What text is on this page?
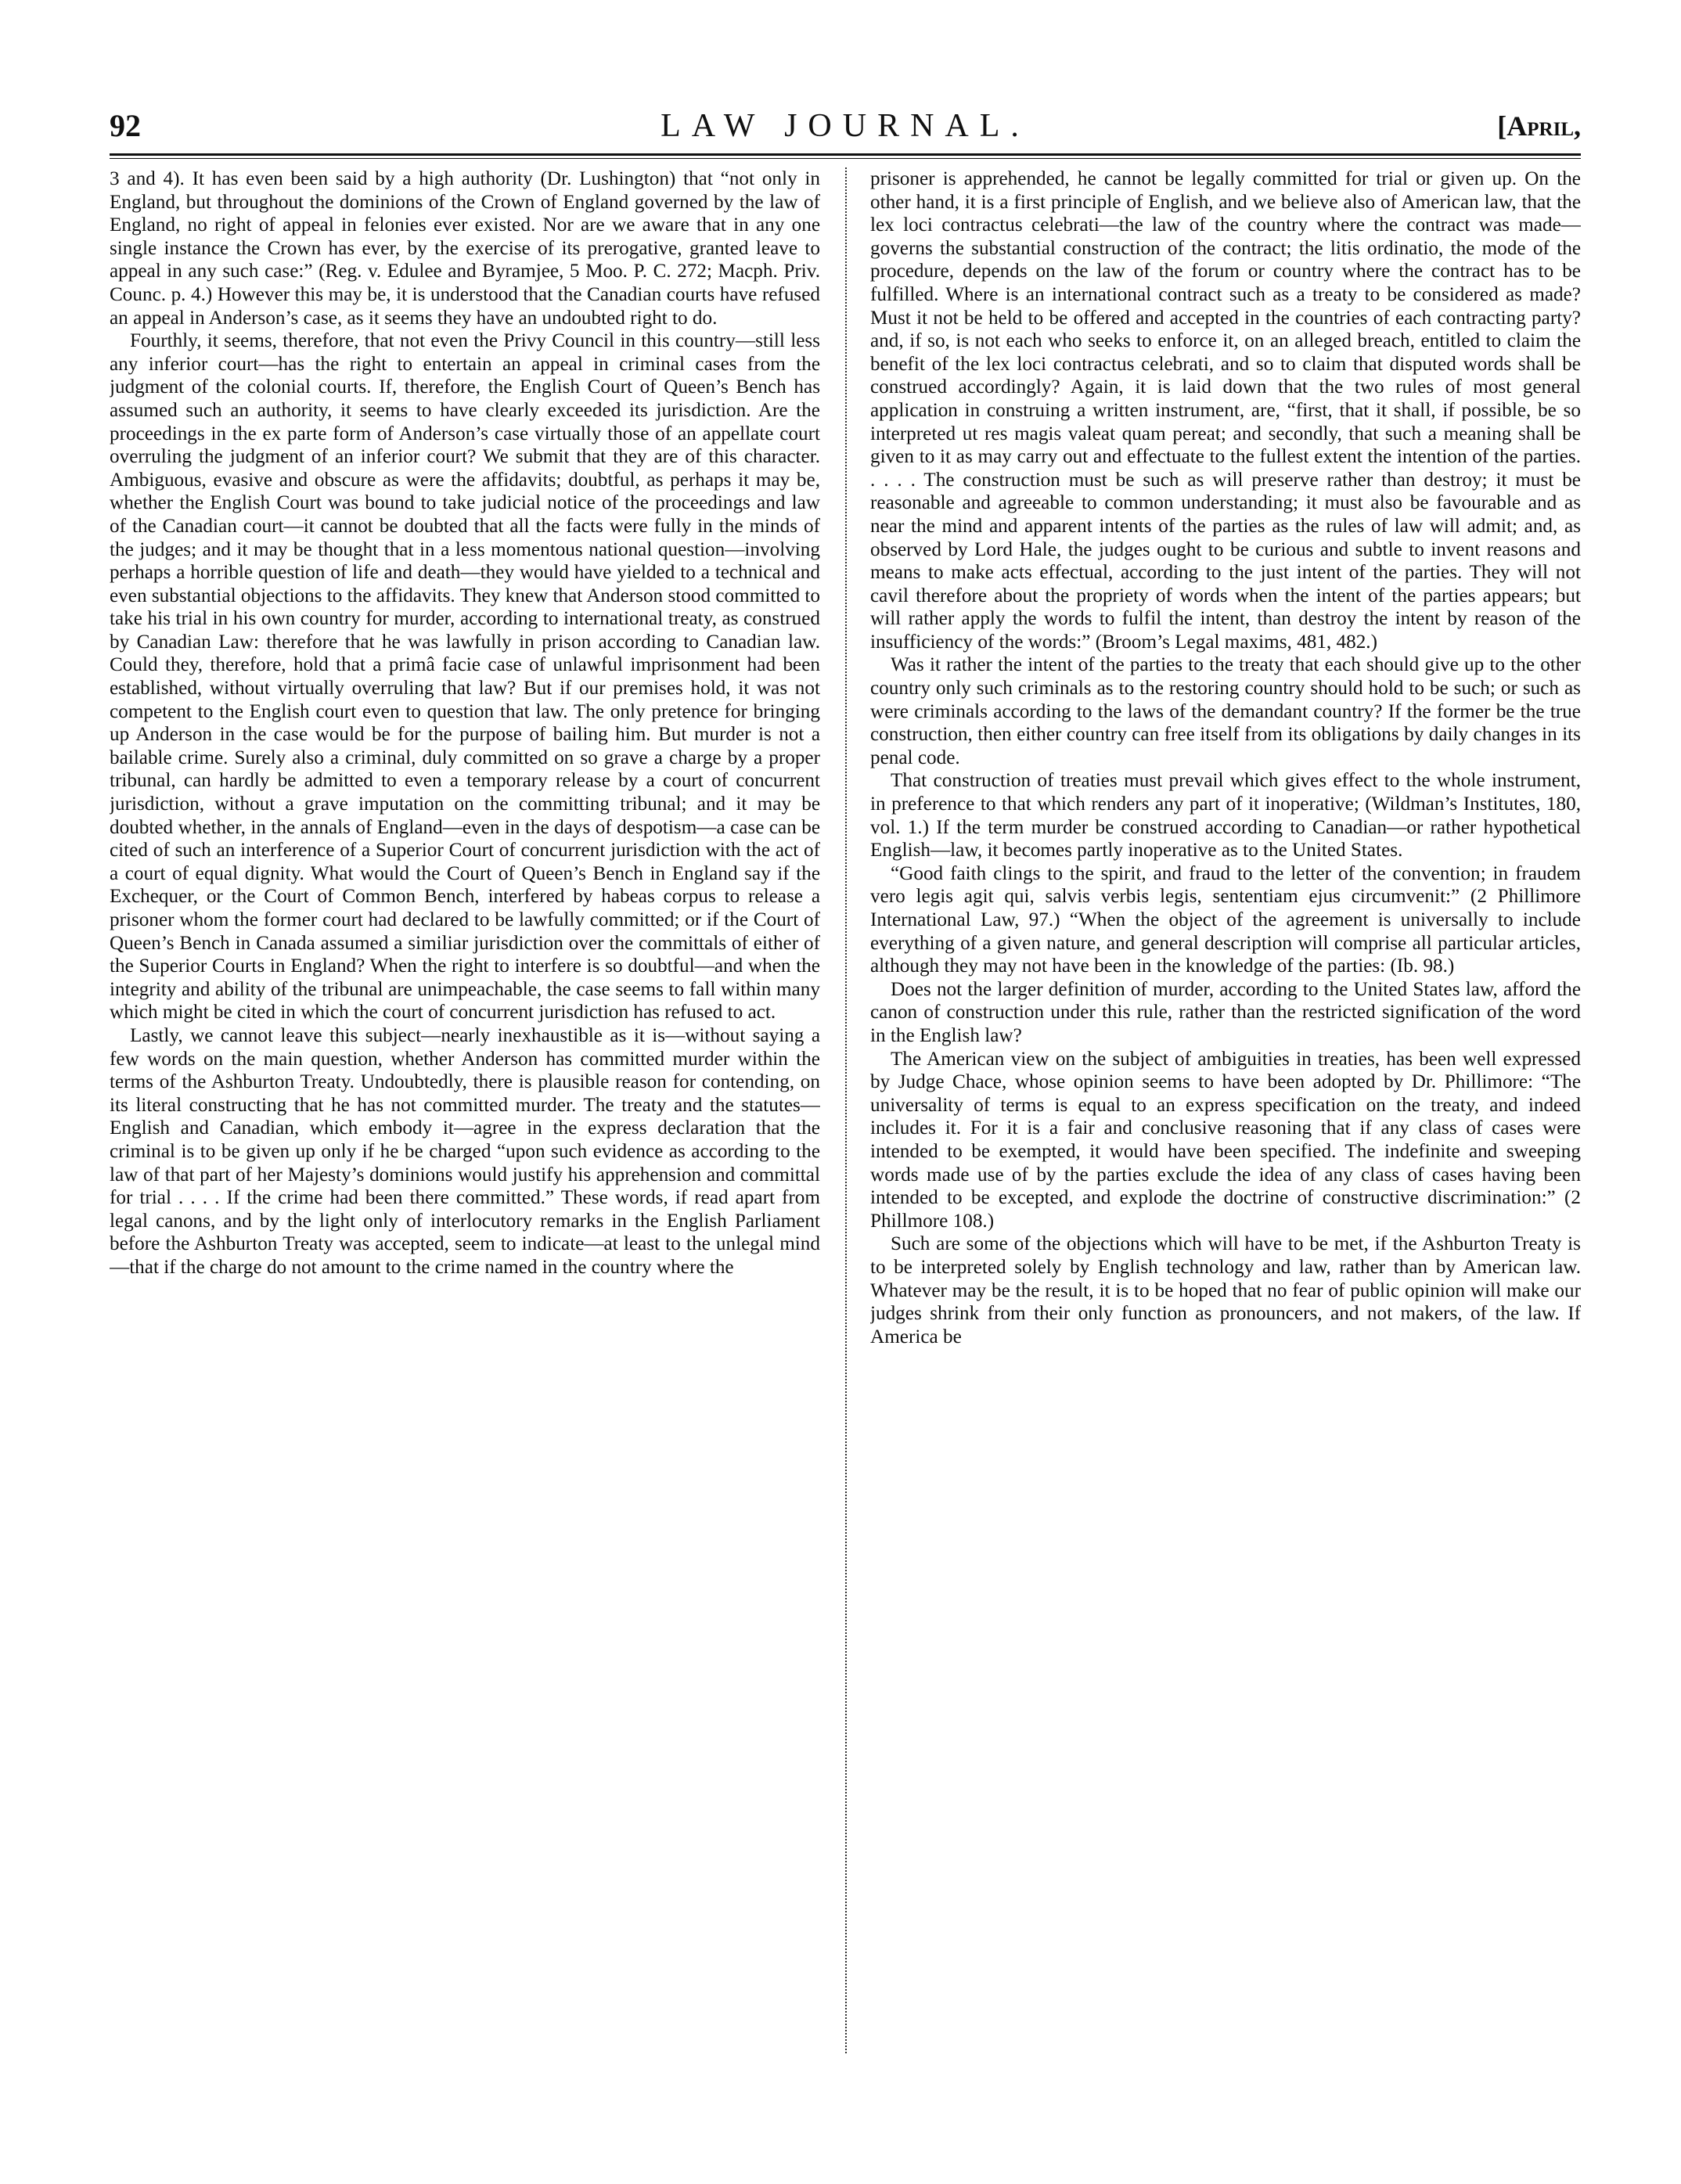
92	LAW JOURNAL.	[April,

3 and 4). It has even been said by a high authority (Dr. Lushington) that “not only in England, but throughout the dominions of the Crown of England governed by the law of England, no right of appeal in felonies ever existed. Nor are we aware that in any one single instance the Crown has ever, by the exercise of its prerogative, granted leave to appeal in any such case:” (Reg. v. Edulee and Byramjee, 5 Moo. P. C. 272; Macph. Priv. Counc. p. 4.) However this may be, it is understood that the Canadian courts have refused an appeal in Anderson’s case, as it seems they have an undoubted right to do.

Fourthly, it seems, therefore, that not even the Privy Council in this country—still less any inferior court—has the right to entertain an appeal in criminal cases from the judgment of the colonial courts. If, therefore, the English Court of Queen’s Bench has assumed such an authority, it seems to have clearly exceeded its jurisdiction. Are the proceedings in the ex parte form of Anderson’s case virtually those of an appellate court overruling the judgment of an inferior court? We submit that they are of this character. Ambiguous, evasive and obscure as were the affidavits; doubtful, as perhaps it may be, whether the English Court was bound to take judicial notice of the proceedings and law of the Canadian court—it cannot be doubted that all the facts were fully in the minds of the judges; and it may be thought that in a less momentous national question—involving perhaps a horrible question of life and death—they would have yielded to a technical and even substantial objections to the affidavits. They knew that Anderson stood committed to take his trial in his own country for murder, according to international treaty, as construed by Canadian Law: therefore that he was lawfully in prison according to Canadian law. Could they, therefore, hold that a primâ facie case of unlawful imprisonment had been established, without virtually overruling that law? But if our premises hold, it was not competent to the English court even to question that law. The only pretence for bringing up Anderson in the case would be for the purpose of bailing him. But murder is not a bailable crime. Surely also a criminal, duly committed on so grave a charge by a proper tribunal, can hardly be admitted to even a temporary release by a court of concurrent jurisdiction, without a grave imputation on the committing tribunal; and it may be doubted whether, in the annals of England—even in the days of despotism—a case can be cited of such an interference of a Superior Court of concurrent jurisdiction with the act of a court of equal dignity. What would the Court of Queen’s Bench in England say if the Exchequer, or the Court of Common Bench, interfered by habeas corpus to release a prisoner whom the former court had declared to be lawfully committed; or if the Court of Queen’s Bench in Canada assumed a similiar jurisdiction over the committals of either of the Superior Courts in England? When the right to interfere is so doubtful—and when the integrity and ability of the tribunal are unimpeachable, the case seems to fall within many which might be cited in which the court of concurrent jurisdiction has refused to act.

Lastly, we cannot leave this subject—nearly inexhaustible as it is—without saying a few words on the main question, whether Anderson has committed murder within the terms of the Ashburton Treaty. Undoubtedly, there is plausible reason for contending, on its literal constructing that he has not committed murder. The treaty and the statutes—English and Canadian, which embody it—agree in the express declaration that the criminal is to be given up only if he be charged “upon such evidence as according to the law of that part of her Majesty’s dominions would justify his apprehension and committal for trial . . . . If the crime had been there committed.” These words, if read apart from legal canons, and by the light only of interlocutory remarks in the English Parliament before the Ashburton Treaty was accepted, seem to indicate—at least to the unlegal mind—that if the charge do not amount to the crime named in the country where the

prisoner is apprehended, he cannot be legally committed for trial or given up. On the other hand, it is a first principle of English, and we believe also of American law, that the lex loci contractus celebrati—the law of the country where the contract was made—governs the substantial construction of the contract; the litis ordinatio, the mode of the procedure, depends on the law of the forum or country where the contract has to be fulfilled. Where is an international contract such as a treaty to be considered as made? Must it not be held to be offered and accepted in the countries of each contracting party? and, if so, is not each who seeks to enforce it, on an alleged breach, entitled to claim the benefit of the lex loci contractus celebrati, and so to claim that disputed words shall be construed accordingly? Again, it is laid down that the two rules of most general application in construing a written instrument, are, “first, that it shall, if possible, be so interpreted ut res magis valeat quam pereat; and secondly, that such a meaning shall be given to it as may carry out and effectuate to the fullest extent the intention of the parties. . . . . The construction must be such as will preserve rather than destroy; it must be reasonable and agreeable to common understanding; it must also be favourable and as near the mind and apparent intents of the parties as the rules of law will admit; and, as observed by Lord Hale, the judges ought to be curious and subtle to invent reasons and means to make acts effectual, according to the just intent of the parties. They will not cavil therefore about the propriety of words when the intent of the parties appears; but will rather apply the words to fulfil the intent, than destroy the intent by reason of the insufficiency of the words:” (Broom’s Legal maxims, 481, 482.)

Was it rather the intent of the parties to the treaty that each should give up to the other country only such criminals as to the restoring country should hold to be such; or such as were criminals according to the laws of the demandant country? If the former be the true construction, then either country can free itself from its obligations by daily changes in its penal code.

That construction of treaties must prevail which gives effect to the whole instrument, in preference to that which renders any part of it inoperative; (Wildman’s Institutes, 180, vol. 1.) If the term murder be construed according to Canadian—or rather hypothetical English—law, it becomes partly inoperative as to the United States.

“Good faith clings to the spirit, and fraud to the letter of the convention; in fraudem vero legis agit qui, salvis verbis legis, sententiam ejus circumvenit:” (2 Phillimore International Law, 97.) “When the object of the agreement is universally to include everything of a given nature, and general description will comprise all particular articles, although they may not have been in the knowledge of the parties: (Ib. 98.)

Does not the larger definition of murder, according to the United States law, afford the canon of construction under this rule, rather than the restricted signification of the word in the English law?

The American view on the subject of ambiguities in treaties, has been well expressed by Judge Chace, whose opinion seems to have been adopted by Dr. Phillimore: “The universality of terms is equal to an express specification on the treaty, and indeed includes it. For it is a fair and conclusive reasoning that if any class of cases were intended to be exempted, it would have been specified. The indefinite and sweeping words made use of by the parties exclude the idea of any class of cases having been intended to be excepted, and explode the doctrine of constructive discrimination:” (2 Phillmore 108.)

Such are some of the objections which will have to be met, if the Ashburton Treaty is to be interpreted solely by English technology and law, rather than by American law. Whatever may be the result, it is to be hoped that no fear of public opinion will make our judges shrink from their only function as pronouncers, and not makers, of the law. If America be
